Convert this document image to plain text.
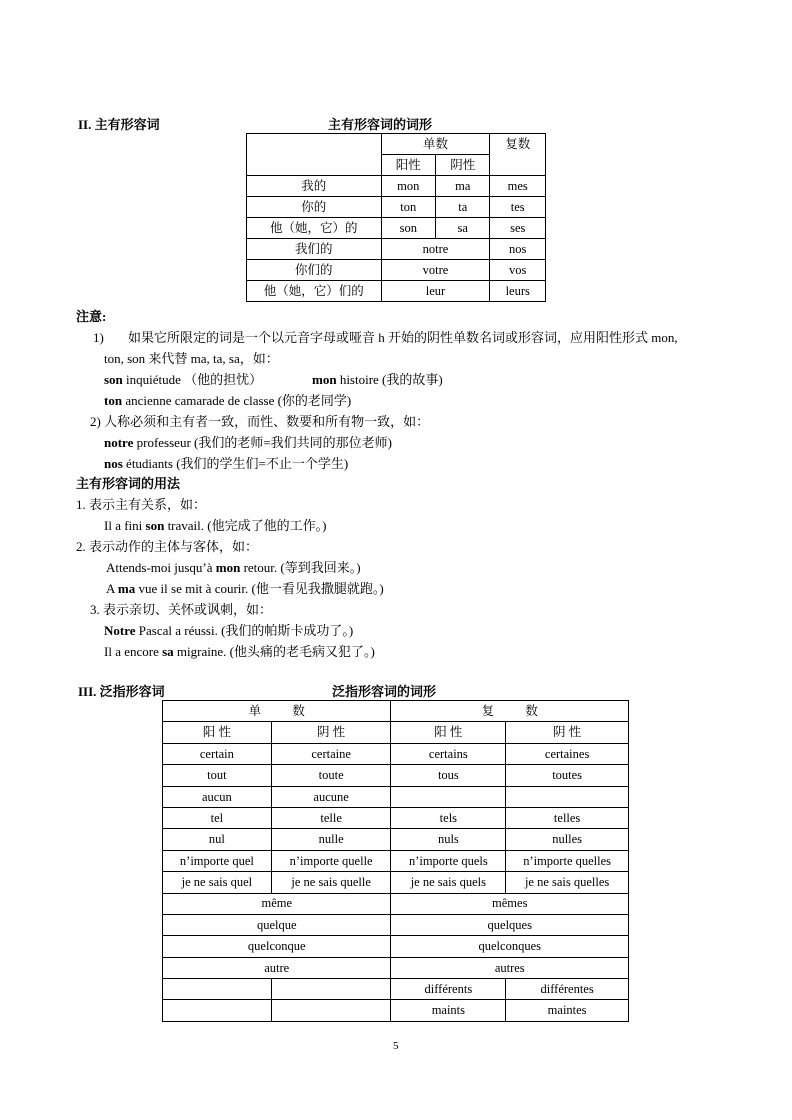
II. 主有形容词	主有形容词的词形
	单数		复数
	阳性	阴性	
我的	mon	ma	mes
你的	ton	ta	tes
他（她，它）的	son	sa	ses
我们的	notre		nos
你们的	votre		vos
他（她，它）们的	leur		leurs
注意:
1) 如果它所限定的词是一个以元音字母或哑音 h 开始的阴性单数名词或形容词，应用阳性形式 mon,
ton, son 来代替 ma, ta, sa，如：
son inquiétude （他的担忧）	mon histoire (我的故事)
ton ancienne camarade de classe (你的老同学)
2) 人称必须和主有者一致，而性、数要和所有物一致，如：
notre professeur (我们的老师=我们共同的那位老师)
nos étudiants (我们的学生们=不止一个学生)
主有形容词的用法
1. 表示主有关系，如：
Il a fini son travail. (他完成了他的工作。)
2. 表示动作的主体与客体，如：
Attends-moi jusqu’à mon retour. (等到我回来。)
A ma vue il se mit à courir. (他一看见我撒腿就跑。)
3. 表示亲切、关怀或讽刺，如：
Notre Pascal a réussi. (我们的帕斯卡成功了。)
Il a encore sa migraine. (他头痛的老毛病又犯了。)
III. 泛指形容词	泛指形容词的词形
单          数		复          数	
阳 性	阴 性	阳 性	阴 性
certain	certaine	certains	certaines
tout	toute	tous	toutes
aucun	aucune		
tel	telle	tels	telles
nul	nulle	nuls	nulles
n’importe quel	n’importe quelle	n’importe quels	n’importe quelles
je ne sais quel	je ne sais quelle	je ne sais quels	je ne sais quelles
même		mêmes	
quelque		quelques	
quelconque		quelconques	
autre		autres	
		différents	différentes
		maints	maintes
5
